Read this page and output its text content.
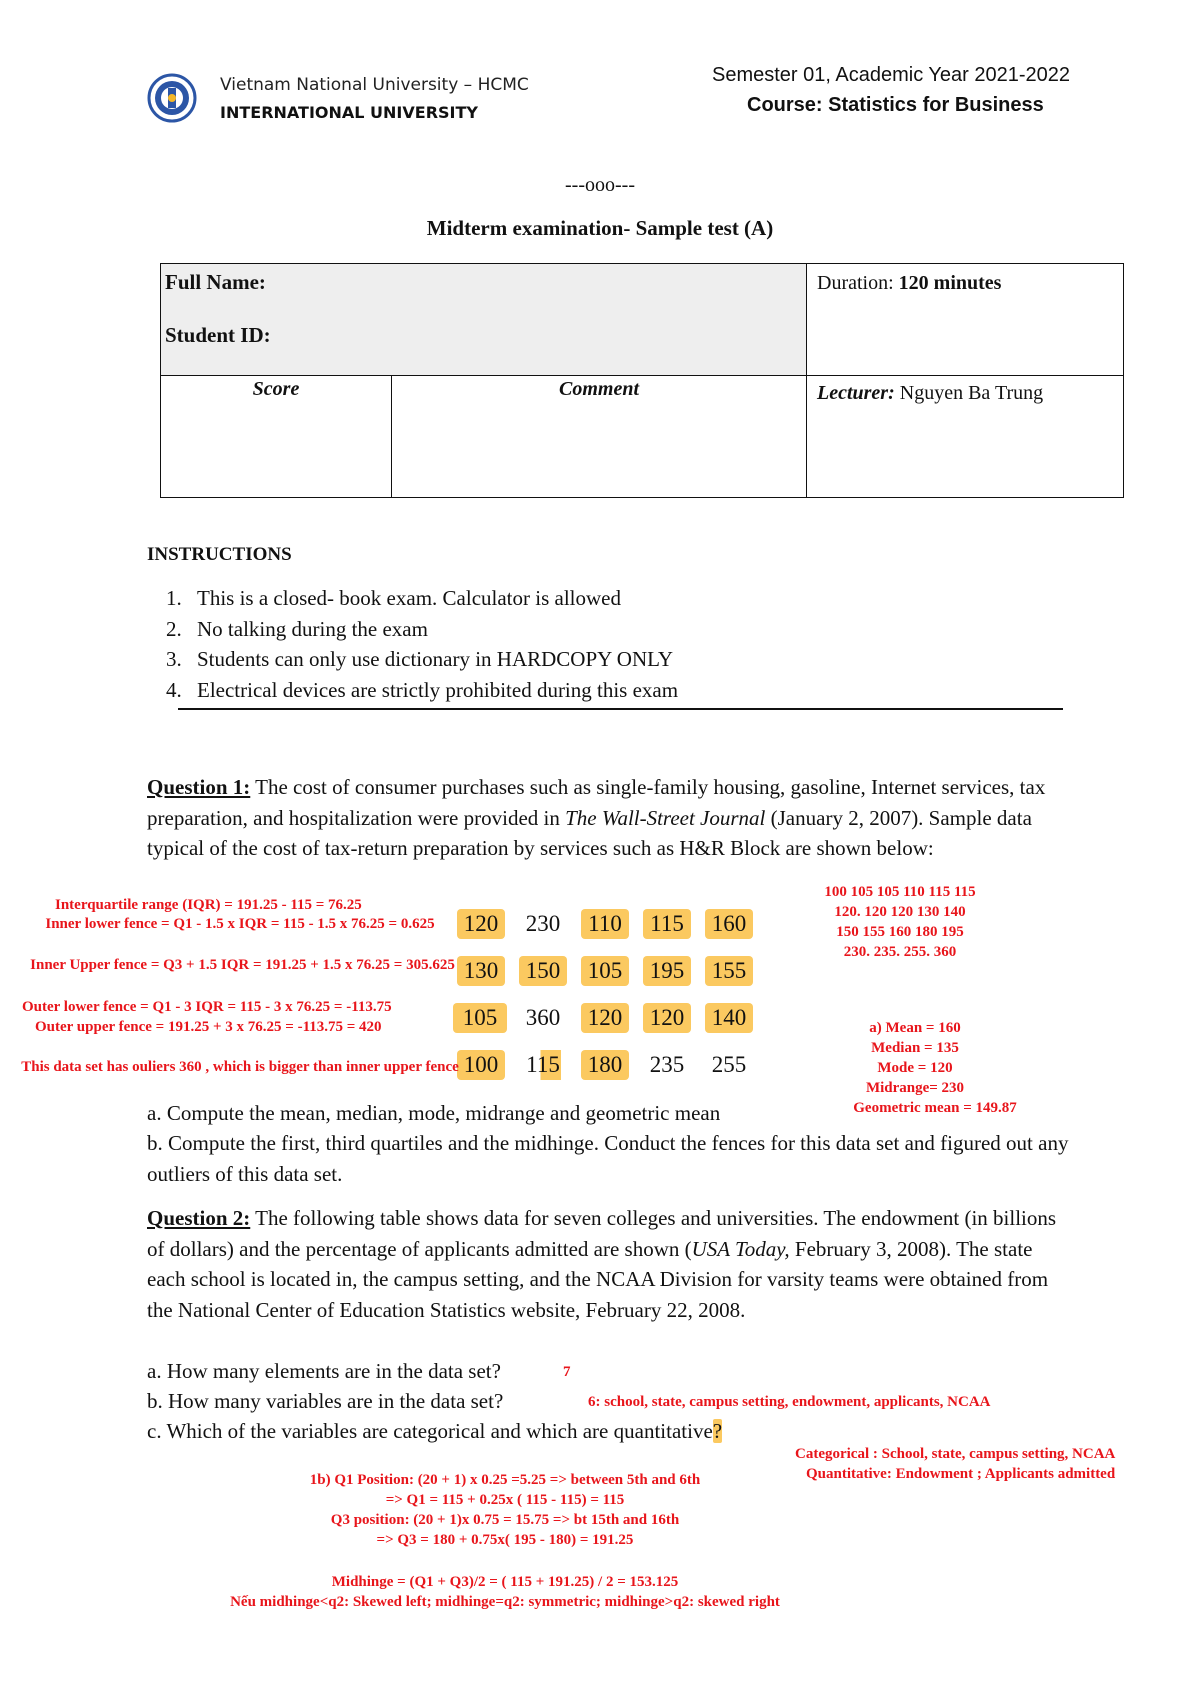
Vietnam National University – HCMC
INTERNATIONAL UNIVERSITY
Semester 01, Academic Year 2021-2022
Course: Statistics for Business
---ooo---
Midterm examination- Sample test (A)
Full Name:
Student ID:		Duration: 120 minutes
Score	Comment	Lecturer: Nguyen Ba Trung
INSTRUCTIONS
1. This is a closed- book exam. Calculator is allowed
2. No talking during the exam
3. Students can only use dictionary in HARDCOPY ONLY
4. Electrical devices are strictly prohibited during this exam
Question 1: The cost of consumer purchases such as single-family housing, gasoline, Internet services, tax preparation, and hospitalization were provided in The Wall-Street Journal (January 2, 2007). Sample data typical of the cost of tax-return preparation by services such as H&R Block are shown below:
120 230	110	115	160
130 150 105 195 155
105	360 120 120 140
100	115	180 235 255
a. Compute the mean, median, mode, midrange and geometric mean
b. Compute the first, third quartiles and the midhinge. Conduct the fences for this data set and figured out any outliers of this data set.
Question 2: The following table shows data for seven colleges and universities. The endowment (in billions of dollars) and the percentage of applicants admitted are shown (USA Today, February 3, 2008). The state each school is located in, the campus setting, and the NCAA Division for varsity teams were obtained from the National Center of Education Statistics website, February 22, 2008.
a. How many elements are in the data set?
b. How many variables are in the data set?
c. Which of the variables are categorical and which are quantitative?
Interquartile range (IQR) = 191.25 - 115 = 76.25
Inner lower fence = Q1 - 1.5 x IQR = 115 - 1.5 x 76.25 = 0.625
Inner Upper fence = Q3 + 1.5 IQR = 191.25 + 1.5 x 76.25 = 305.625
Outer lower fence = Q1 - 3 IQR = 115 - 3 x 76.25 = -113.75
Outer upper fence = 191.25 + 3 x 76.25 = -113.75 = 420
This data set has ouliers 360 , which is bigger than inner upper fence
100 105 105 110 115 115
120. 120 120 130 140
150 155 160 180 195
230. 235. 255. 360
a) Mean = 160
Median = 135
Mode = 120
Midrange= 230
Geometric mean = 149.87
7
6: school, state, campus setting, endowment, applicants, NCAA
Categorical : School, state, campus setting, NCAA
Quantitative: Endowment ; Applicants admitted
1b) Q1 Position: (20 + 1) x 0.25 =5.25 => between 5th and 6th
=> Q1 = 115 + 0.25x ( 115 - 115) = 115
Q3 position: (20 + 1)x 0.75 = 15.75 => bt 15th and 16th
=> Q3 = 180 + 0.75x( 195 - 180) = 191.25
Midhinge = (Q1 + Q3)/2 = ( 115 + 191.25) / 2 = 153.125
Nếu midhinge<q2: Skewed left; midhinge=q2: symmetric; midhinge>q2: skewed right
